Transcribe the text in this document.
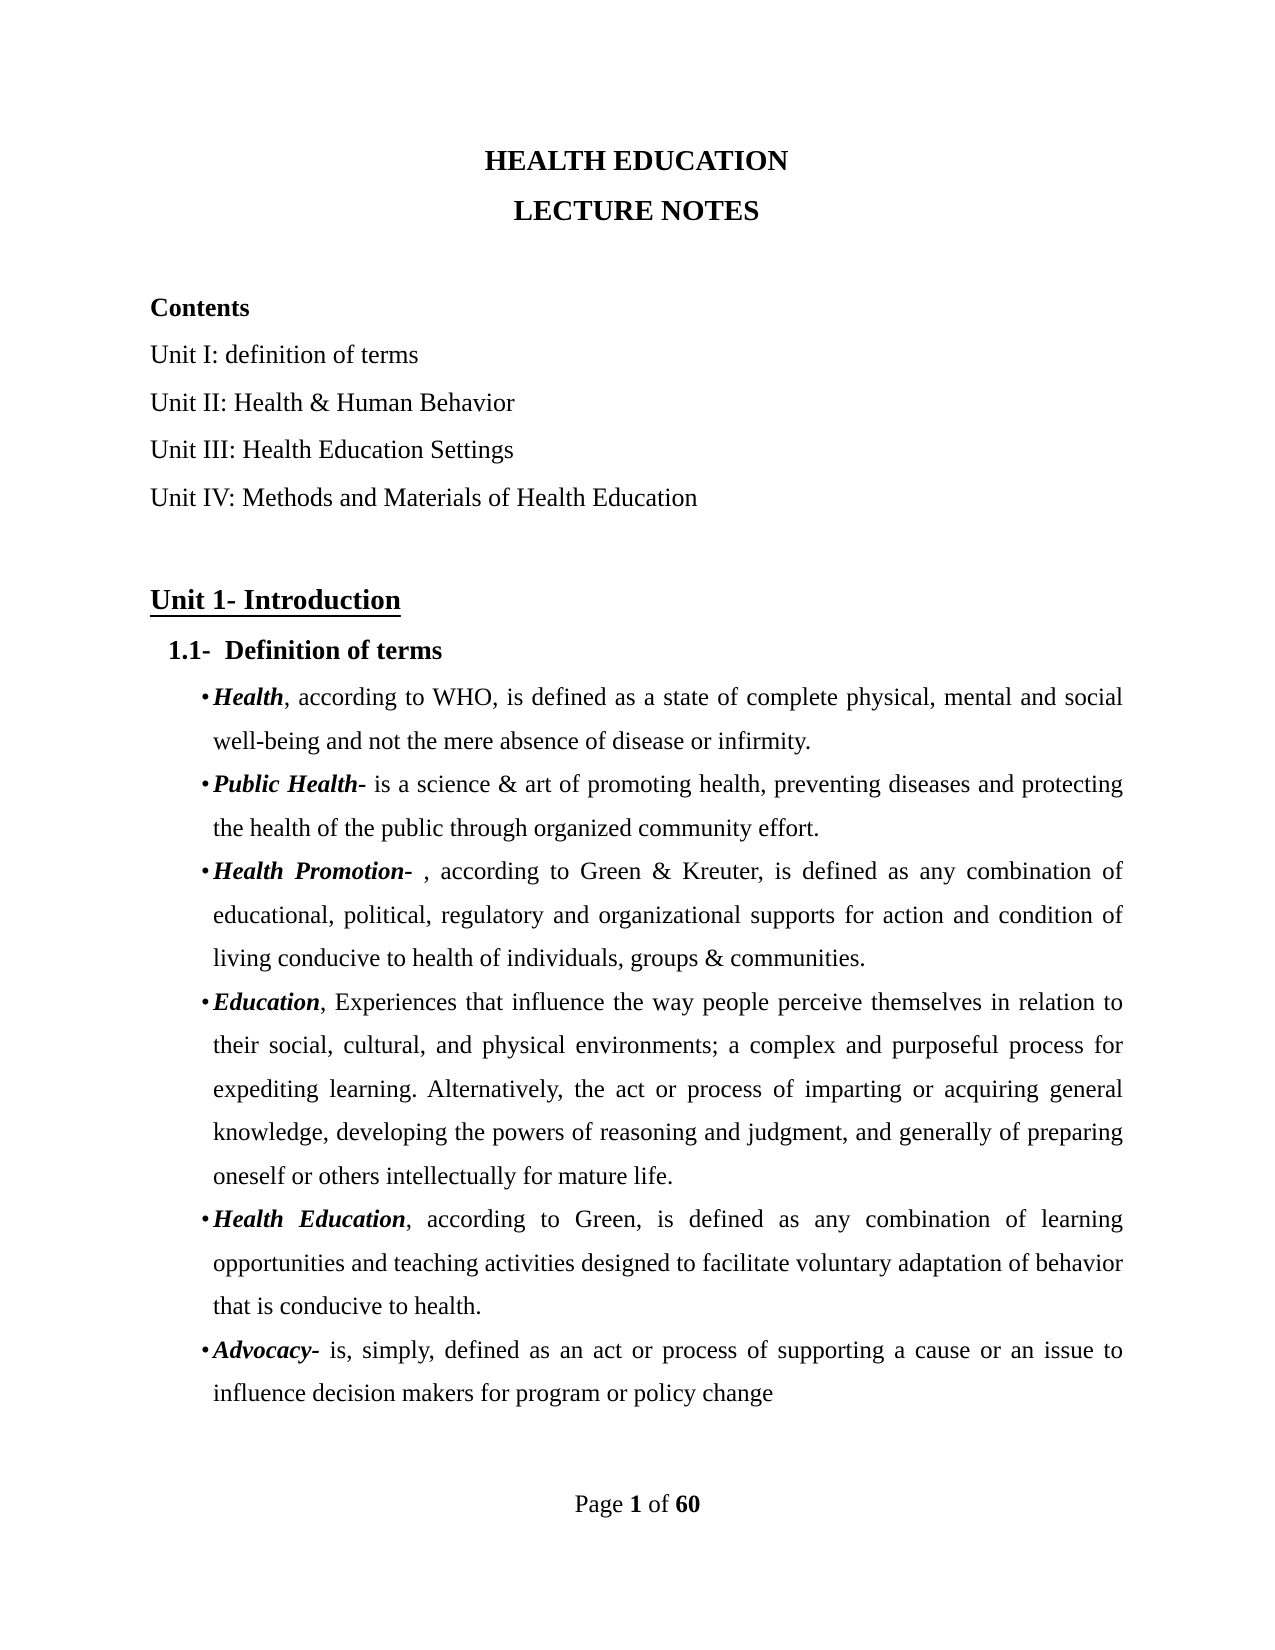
HEALTH EDUCATION
LECTURE NOTES
Contents
Unit I: definition of terms
Unit II: Health & Human Behavior
Unit III: Health Education Settings
Unit IV: Methods and Materials of Health Education
Unit 1- Introduction
1.1- Definition of terms
• Health, according to WHO, is defined as a state of complete physical, mental and social well-being and not the mere absence of disease or infirmity.
• Public Health- is a science & art of promoting health, preventing diseases and protecting the health of the public through organized community effort.
• Health Promotion- , according to Green & Kreuter, is defined as any combination of educational, political, regulatory and organizational supports for action and condition of living conducive to health of individuals, groups & communities.
• Education, Experiences that influence the way people perceive themselves in relation to their social, cultural, and physical environments; a complex and purposeful process for expediting learning. Alternatively, the act or process of imparting or acquiring general knowledge, developing the powers of reasoning and judgment, and generally of preparing oneself or others intellectually for mature life.
• Health Education, according to Green, is defined as any combination of learning opportunities and teaching activities designed to facilitate voluntary adaptation of behavior that is conducive to health.
• Advocacy- is, simply, defined as an act or process of supporting a cause or an issue to influence decision makers for program or policy change
Page 1 of 60
